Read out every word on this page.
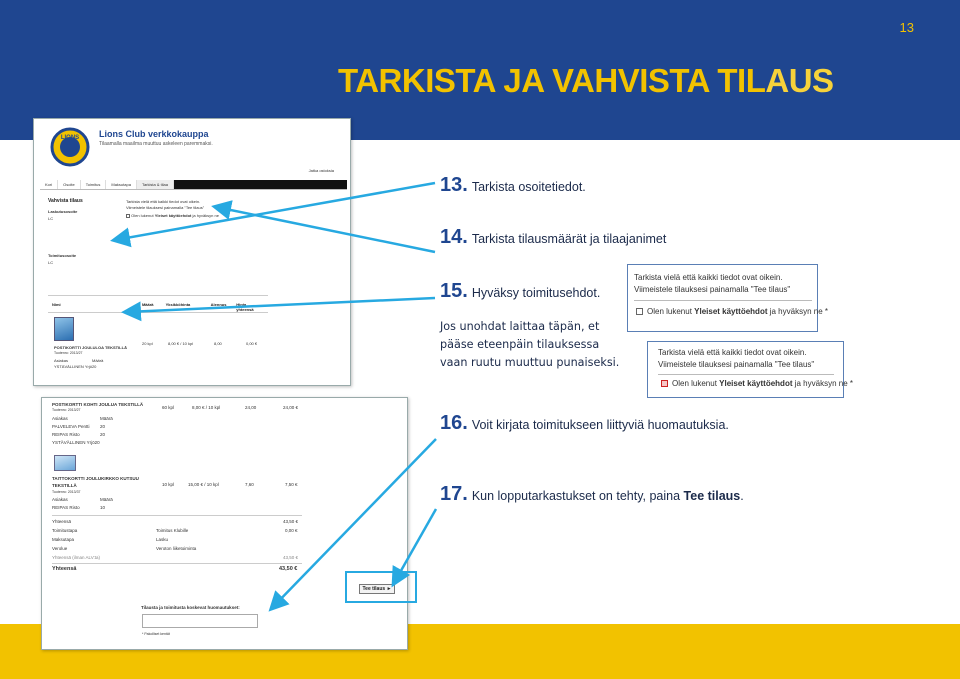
13
TARKISTA JA VAHVISTA TILAUS
LIONS Lions Club verkkokauppa
Tilaamalla maailma muuttuu askeleen paremmaksi.
Jatka ostoksia
Kori	Osoite	Toimitus	Maksutapa	Tarkista & tilaa
Vahvista tilaus
Laskutusosoite
LC
Toimitusosoite
LC
Tarkista vielä että kaikki tiedot ovat oikein.
Viimeistele tilauksesi painamalla "Tee tilaus"
Olen lukenut Yleiset käyttöehdot ja hyväksyn ne
Nimi	Määrä	Yksikköhinta	Alennus	Hinta yhteensä
POSTIKORTTI JOULULOA TEKSTILLÄ
Tuotenro: 2013/27
20 kpl	8,00 € / 10 kpl	8,00	0,00 €
Asiakas	Määrä
YSTÄVÄLLINEN Yrjö20
POSTIKORTTI KOHTI JOULUA TEKSTILLÄ
Tuotenro: 2013/27	60 kpl	8,00 € / 10 kpl	24,00	24,00 €
Asiakas	Määrä
PALVELEVA Pentti 20
REIPAS Risto	20
YSTÄVÄLLINEN Yrjö20
TAITTOKORTTI JOULUKIRKKO KUTSUU
TEKSTILLÄ
Tuotenro: 2013/37
10 kpl	15,00 € / 10 kpl	7,60	7,50 €
Asiakas	Määrä
REIPAS Risto	10
Yhteensä	43,50 €
Toimitustapa	Toimitus Klubille	0,00 €
Maksutapa	Lasku
Verolue	Veroton liiketoiminta
Yhteensä (ilman ALV:ta)	43,50 €
Yhteensä	43,50 €
Tee tilaus ►
Tilausta ja toimitusta koskevat huomautukset:
* Pakolliset kentät
Tarkista vielä että kaikki tiedot ovat oikein.
Viimeistele tilauksesi painamalla "Tee tilaus"
Olen lukenut Yleiset käyttöehdot ja hyväksyn ne *
Tarkista vielä että kaikki tiedot ovat oikein.
Viimeistele tilauksesi painamalla "Tee tilaus"
Olen lukenut Yleiset käyttöehdot ja hyväksyn ne *
13. Tarkista osoitetiedot.
14. Tarkista tilausmäärät ja tilaajanimet
15. Hyväksy toimitusehdot.
Jos unohdat laittaa täpän, et
pääse eteenpäin tilauksessa
vaan ruutu muuttuu punaiseksi.
16. Voit kirjata toimitukseen liittyviä huomautuksia.
17. Kun lopputarkastukset on tehty, paina Tee tilaus.
